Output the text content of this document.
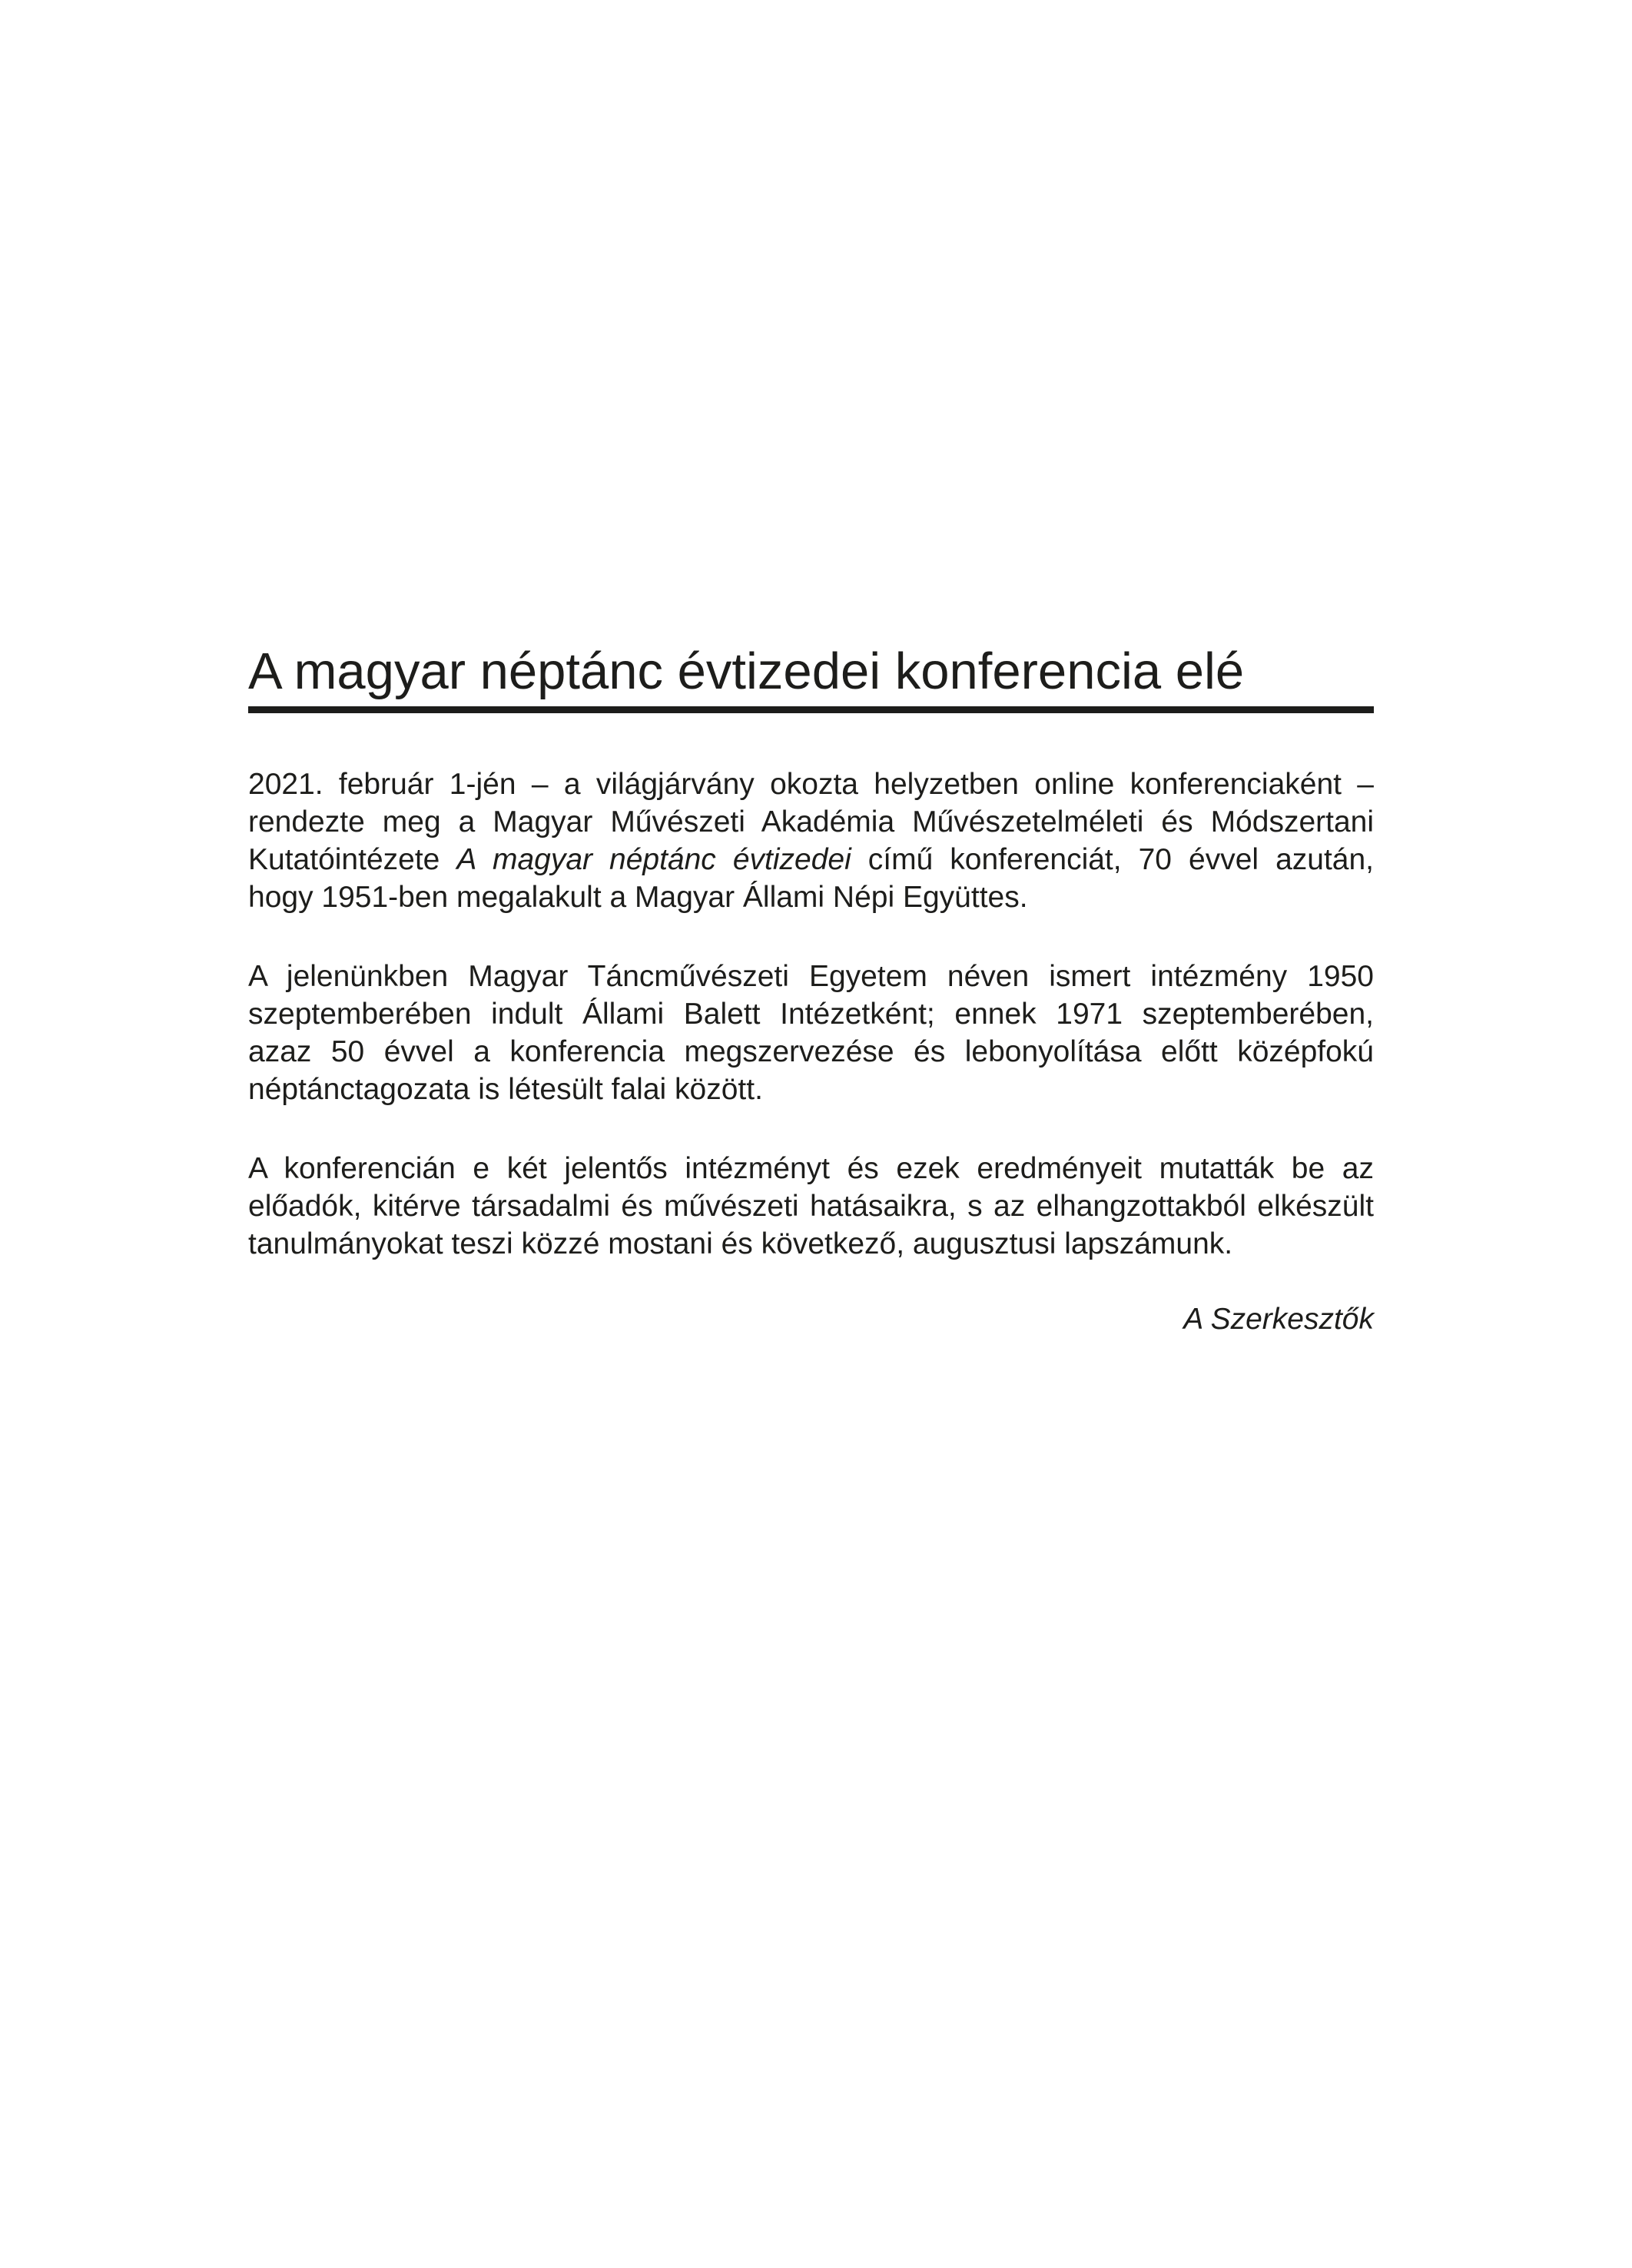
A magyar néptánc évtizedei konferencia elé
2021. február 1-jén – a világjárvány okozta helyzetben online konferenciaként –
rendezte meg a Magyar Művészeti Akadémia Művészetelméleti és Módszertani
Kutatóintézete A magyar néptánc évtizedei című konferenciát, 70 évvel azután,
hogy 1951-ben megalakult a Magyar Állami Népi Együttes.
A jelenünkben Magyar Táncművészeti Egyetem néven ismert intézmény 1950
szeptemberében indult Állami Balett Intézetként; ennek 1971 szeptemberében,
azaz 50 évvel a konferencia megszervezése és lebonyolítása előtt középfokú
néptánctagozata is létesült falai között.
A konferencián e két jelentős intézményt és ezek eredményeit mutatták be az
előadók, kitérve társadalmi és művészeti hatásaikra, s az elhangzottakból elkészült
tanulmányokat teszi közzé mostani és következő, augusztusi lapszámunk.
A Szerkesztők
